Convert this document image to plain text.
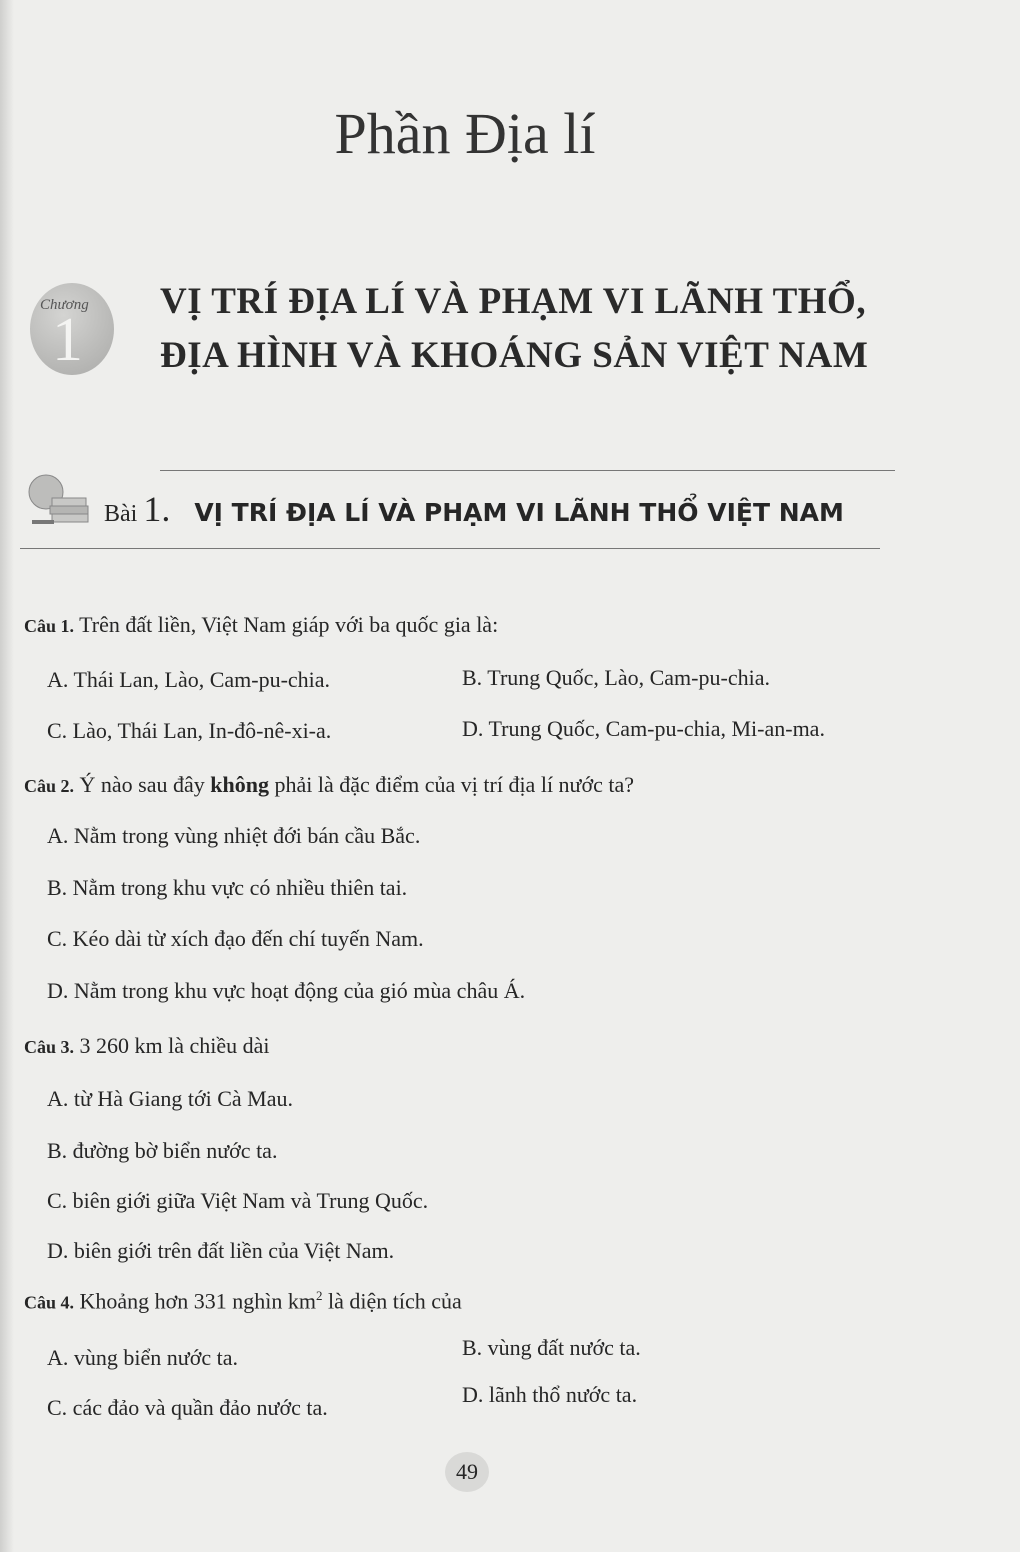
Phần Địa lí
Chương
1
VỊ TRÍ ĐỊA LÍ VÀ PHẠM VI LÃNH THỔ,
ĐỊA HÌNH VÀ KHOÁNG SẢN VIỆT NAM
Bài 1. VỊ TRÍ ĐỊA LÍ VÀ PHẠM VI LÃNH THỔ VIỆT NAM
Câu 1. Trên đất liền, Việt Nam giáp với ba quốc gia là:
A. Thái Lan, Lào, Cam-pu-chia.	B. Trung Quốc, Lào, Cam-pu-chia.
C. Lào, Thái Lan, In-đô-nê-xi-a.	D. Trung Quốc, Cam-pu-chia, Mi-an-ma.
Câu 2. Ý nào sau đây không phải là đặc điểm của vị trí địa lí nước ta?
A. Nằm trong vùng nhiệt đới bán cầu Bắc.
B. Nằm trong khu vực có nhiều thiên tai.
C. Kéo dài từ xích đạo đến chí tuyến Nam.
D. Nằm trong khu vực hoạt động của gió mùa châu Á.
Câu 3. 3 260 km là chiều dài
A. từ Hà Giang tới Cà Mau.
B. đường bờ biển nước ta.
C. biên giới giữa Việt Nam và Trung Quốc.
D. biên giới trên đất liền của Việt Nam.
Câu 4. Khoảng hơn 331 nghìn $km^2$ là diện tích của
A. vùng biển nước ta.	B. vùng đất nước ta.
C. các đảo và quần đảo nước ta.
D. lãnh thổ nước ta.
49
